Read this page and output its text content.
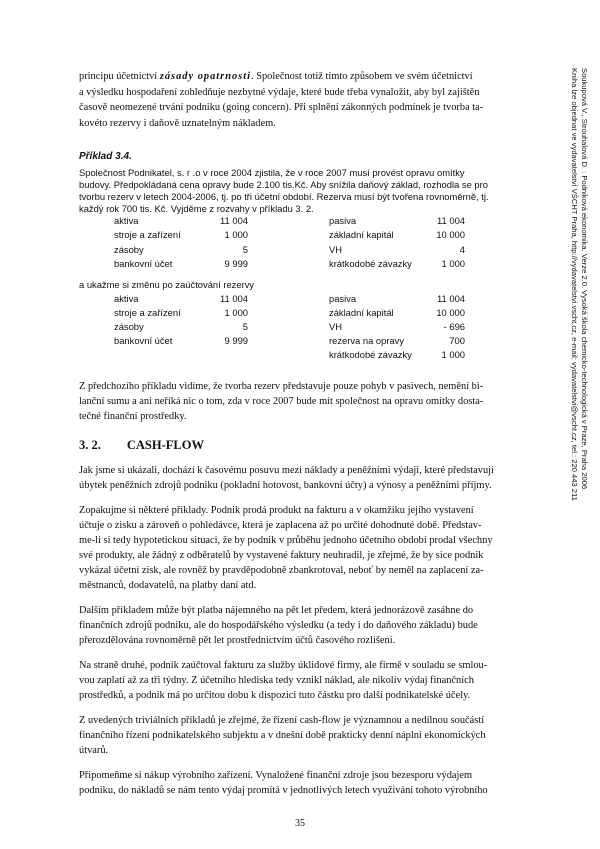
principu účetnictví zásady opatrnosti. Společnost totiž tímto způsobem ve svém účetnictví
a výsledku hospodaření zohledňuje nezbytné výdaje, které bude třeba vynaložit, aby byl zajištěn
časově neomezené trvání podniku (going concern). Při splnění zákonných podmínek je tvorba ta-
kovéto rezervy i daňově uznatelným nákladem.
Příklad 3.4.
Společnost Podnikatel, s. r .o v roce 2004 zjistila, že v roce 2007 musí provést opravu omítky
budovy. Předpokládaná cena opravy bude 2.100 tis.Kč. Aby snížila daňový základ, rozhodla se pro
tvorbu rezerv v letech 2004-2006, tj. po tři účetní období. Rezerva musí být tvořena rovnoměrně, tj.
každý rok 700 tis. Kč. Vyjděme z rozvahy v příkladu 3. 2.
aktiva	11 004	pasiva	11 004
stroje a zařízení	1 000	základní kapitál	10 000
zásoby	5	VH	4
bankovní účet	9 999	krátkodobé závazky	1 000
a ukažme si změnu po zaúčtování rezervy
aktiva	11 004	pasiva	11 004
stroje a zařízení	1 000	základní kapitál	10 000
zásoby	5	VH	- 696
bankovní účet	9 999	rezerva na opravy	700
krátkodobé závazky	1 000
Z předchozího příkladu vidíme, že tvorba rezerv představuje pouze pohyb v pasivech, nemění bi-
lanční sumu a ani neříká nic o tom, zda v roce 2007 bude mít společnost na opravu omítky dosta-
tečné finanční prostředky.
3. 2. CASH-FLOW
Jak jsme si ukázali, dochází k časovému posuvu mezi náklady a peněžními výdaji, které představují
úbytek peněžních zdrojů podniku (pokladní hotovost, bankovní účty) a výnosy a peněžními příjmy.
Zopakujme si některé příklady. Podnik prodá produkt na fakturu a v okamžiku jejího vystavení
účtuje o zisku a zároveň o pohledávce, která je zaplacena až po určité dohodnuté době. Představ-
me-li si tedy hypotetickou situaci, že by podnik v průběhu jednoho účetního období prodal všechny
své produkty, ale žádný z odběratelů by vystavené faktury neuhradil, je zřejmé, že by sice podnik
vykázal účetní zisk, ale rovněž by pravděpodobně zbankrotoval, neboť by neměl na zaplacení za-
městnanců, dodavatelů, na platby daní atd.
Dalším příkladem může být platba nájemného na pět let předem, která jednorázově zasáhne do
finančních zdrojů podniku, ale do hospodářského výsledku (a tedy i do daňového základu) bude
přerozdělována rovnoměrně pět let prostřednictvím účtů časového rozlišení.
Na straně druhé, podnik zaúčtoval fakturu za služby úklidové firmy, ale firmě v souladu se smlou-
vou zaplatí až za tři týdny. Z účetního hlediska tedy vznikl náklad, ale nikoliv výdaj finančních
prostředků, a podnik má po určitou dobu k dispozici tuto částku pro další podnikatelské účely.
Z uvedených triviálních příkladů je zřejmé, že řízení cash-flow je významnou a nedílnou součástí
finančního řízení podnikatelského subjektu a v dnešní době prakticky denní náplní ekonomických
útvarů.
Připomeňme si nákup výrobního zařízení. Vynaložené finanční zdroje jsou bezesporu výdajem
podniku, do nákladů se nám tento výdaj promítá v jednotlivých letech využívání tohoto výrobního
35
Soukupová V., Strouhalová D. : Podniková ekonomika. Verze 2.0. Vysoká škola chemicko-technologická v Praze, Praha 2006.
Kniha lze objednat ve vydavatelství VŠCHT Praha, http://vydavatelstvi.vscht.cz, e-mail: vydavatelstvi@vscht.cz, tel.: 220 443 211
